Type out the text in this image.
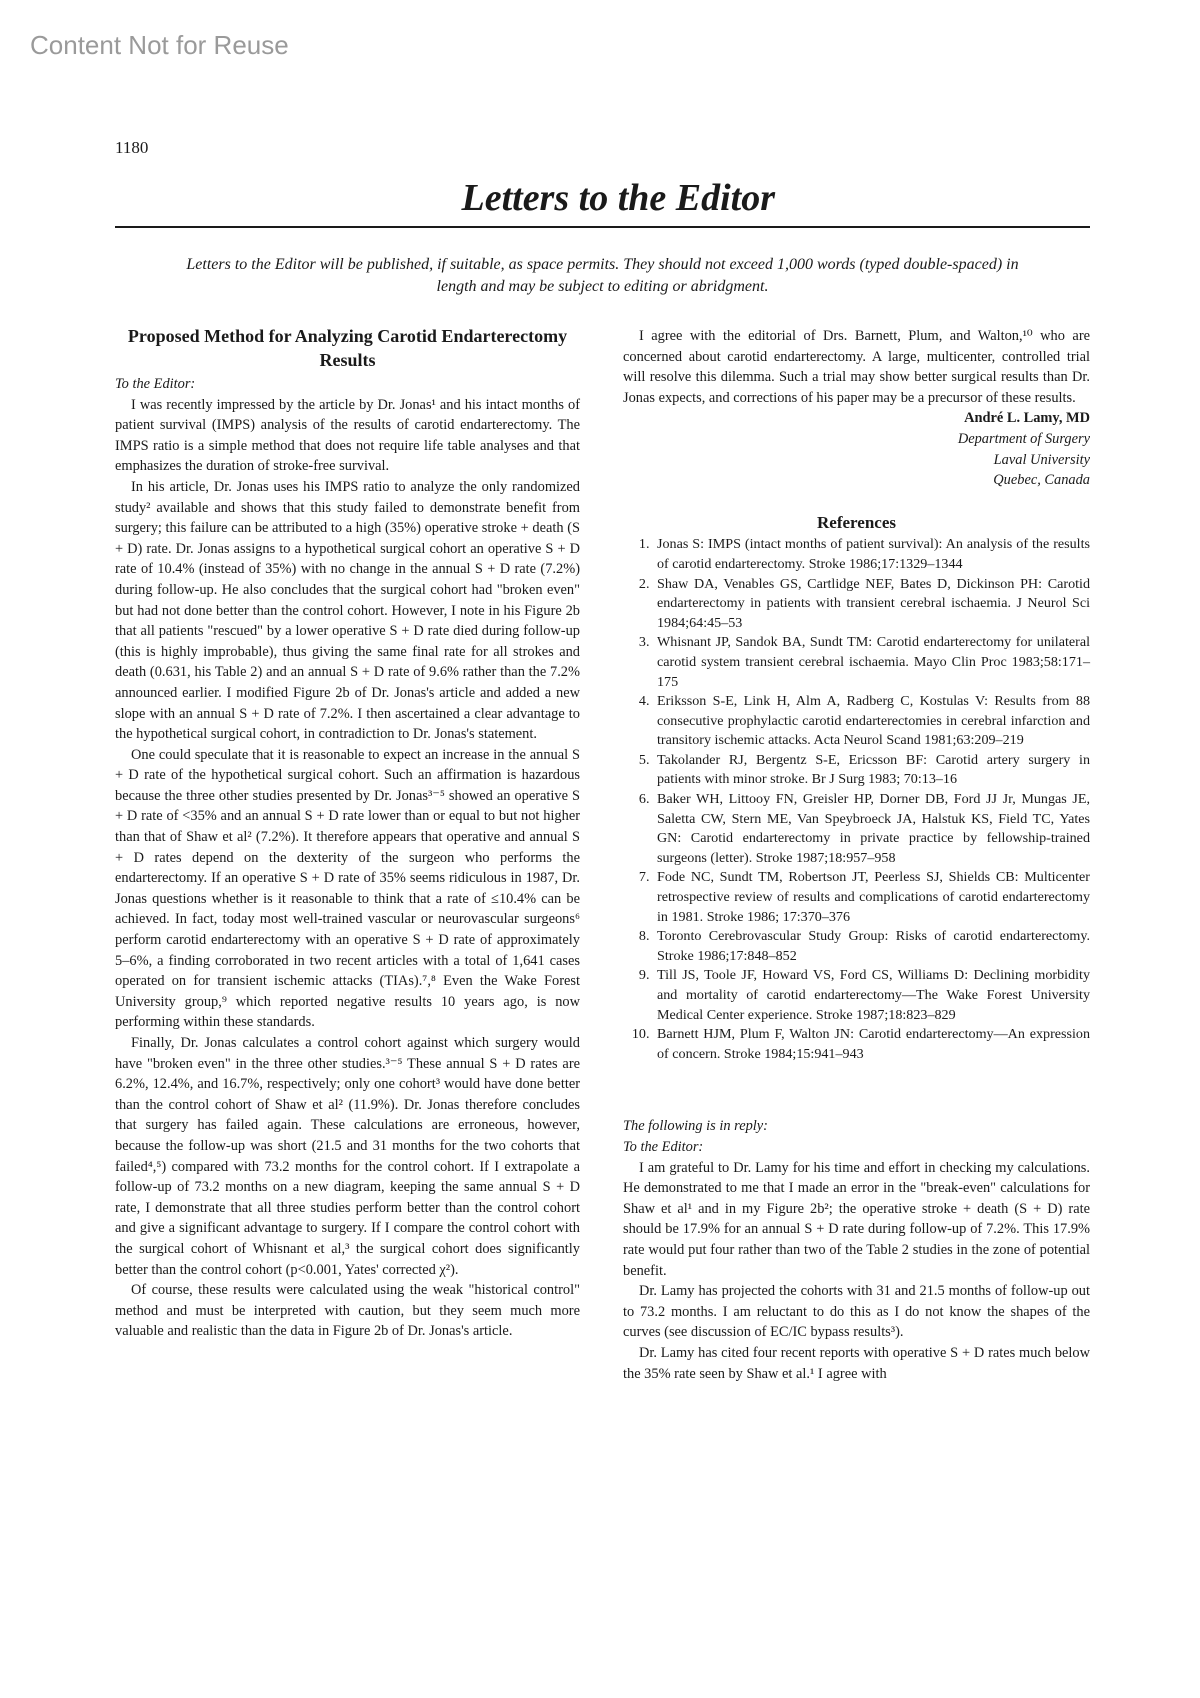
Content Not for Reuse
1180
Letters to the Editor
Letters to the Editor will be published, if suitable, as space permits. They should not exceed 1,000 words (typed double-spaced) in length and may be subject to editing or abridgment.
Proposed Method for Analyzing Carotid Endarterectomy Results

To the Editor:

I was recently impressed by the article by Dr. Jonas¹ and his intact months of patient survival (IMPS) analysis of the results of carotid endarterectomy. The IMPS ratio is a simple method that does not require life table analyses and that emphasizes the duration of stroke-free survival.

In his article, Dr. Jonas uses his IMPS ratio to analyze the only randomized study² available and shows that this study failed to demonstrate benefit from surgery; this failure can be attributed to a high (35%) operative stroke + death (S + D) rate. Dr. Jonas assigns to a hypothetical surgical cohort an operative S + D rate of 10.4% (instead of 35%) with no change in the annual S + D rate (7.2%) during follow-up. He also concludes that the surgical cohort had "broken even" but had not done better than the control cohort. However, I note in his Figure 2b that all patients "rescued" by a lower operative S + D rate died during follow-up (this is highly improbable), thus giving the same final rate for all strokes and death (0.631, his Table 2) and an annual S + D rate of 9.6% rather than the 7.2% announced earlier. I modified Figure 2b of Dr. Jonas's article and added a new slope with an annual S + D rate of 7.2%. I then ascertained a clear advantage to the hypothetical surgical cohort, in contradiction to Dr. Jonas's statement.

One could speculate that it is reasonable to expect an increase in the annual S + D rate of the hypothetical surgical cohort. Such an affirmation is hazardous because the three other studies presented by Dr. Jonas³⁻⁵ showed an operative S + D rate of <35% and an annual S + D rate lower than or equal to but not higher than that of Shaw et al² (7.2%). It therefore appears that operative and annual S + D rates depend on the dexterity of the surgeon who performs the endarterectomy. If an operative S + D rate of 35% seems ridiculous in 1987, Dr. Jonas questions whether is it reasonable to think that a rate of ≤10.4% can be achieved. In fact, today most well-trained vascular or neurovascular surgeons⁶ perform carotid endarterectomy with an operative S + D rate of approximately 5–6%, a finding corroborated in two recent articles with a total of 1,641 cases operated on for transient ischemic attacks (TIAs).⁷,⁸ Even the Wake Forest University group,⁹ which reported negative results 10 years ago, is now performing within these standards.

Finally, Dr. Jonas calculates a control cohort against which surgery would have "broken even" in the three other studies.³⁻⁵ These annual S + D rates are 6.2%, 12.4%, and 16.7%, respectively; only one cohort³ would have done better than the control cohort of Shaw et al² (11.9%). Dr. Jonas therefore concludes that surgery has failed again. These calculations are erroneous, however, because the follow-up was short (21.5 and 31 months for the two cohorts that failed⁴,⁵) compared with 73.2 months for the control cohort. If I extrapolate a follow-up of 73.2 months on a new diagram, keeping the same annual S + D rate, I demonstrate that all three studies perform better than the control cohort and give a significant advantage to surgery. If I compare the control cohort with the surgical cohort of Whisnant et al,³ the surgical cohort does significantly better than the control cohort (p<0.001, Yates' corrected χ²).

Of course, these results were calculated using the weak "historical control" method and must be interpreted with caution, but they seem much more valuable and realistic than the data in Figure 2b of Dr. Jonas's article.

I agree with the editorial of Drs. Barnett, Plum, and Walton,¹⁰ who are concerned about carotid endarterectomy. A large, multicenter, controlled trial will resolve this dilemma. Such a trial may show better surgical results than Dr. Jonas expects, and corrections of his paper may be a precursor of these results.

André L. Lamy, MD
Department of Surgery
Laval University
Quebec, Canada
References
1. Jonas S: IMPS (intact months of patient survival): An analysis of the results of carotid endarterectomy. Stroke 1986;17:1329–1344
2. Shaw DA, Venables GS, Cartlidge NEF, Bates D, Dickinson PH: Carotid endarterectomy in patients with transient cerebral ischaemia. J Neurol Sci 1984;64:45–53
3. Whisnant JP, Sandok BA, Sundt TM: Carotid endarterectomy for unilateral carotid system transient cerebral ischaemia. Mayo Clin Proc 1983;58:171–175
4. Eriksson S-E, Link H, Alm A, Radberg C, Kostulas V: Results from 88 consecutive prophylactic carotid endarterectomies in cerebral infarction and transitory ischemic attacks. Acta Neurol Scand 1981;63:209–219
5. Takolander RJ, Bergentz S-E, Ericsson BF: Carotid artery surgery in patients with minor stroke. Br J Surg 1983; 70:13–16
6. Baker WH, Littooy FN, Greisler HP, Dorner DB, Ford JJ Jr, Mungas JE, Saletta CW, Stern ME, Van Speybroeck JA, Halstuk KS, Field TC, Yates GN: Carotid endarterectomy in private practice by fellowship-trained surgeons (letter). Stroke 1987;18:957–958
7. Fode NC, Sundt TM, Robertson JT, Peerless SJ, Shields CB: Multicenter retrospective review of results and complications of carotid endarterectomy in 1981. Stroke 1986; 17:370–376
8. Toronto Cerebrovascular Study Group: Risks of carotid endarterectomy. Stroke 1986;17:848–852
9. Till JS, Toole JF, Howard VS, Ford CS, Williams D: Declining morbidity and mortality of carotid endarterectomy—The Wake Forest University Medical Center experience. Stroke 1987;18:823–829
10. Barnett HJM, Plum F, Walton JN: Carotid endarterectomy—An expression of concern. Stroke 1984;15:941–943

The following is in reply:

To the Editor:

I am grateful to Dr. Lamy for his time and effort in checking my calculations. He demonstrated to me that I made an error in the "break-even" calculations for Shaw et al¹ and in my Figure 2b²; the operative stroke + death (S + D) rate should be 17.9% for an annual S + D rate during follow-up of 7.2%. This 17.9% rate would put four rather than two of the Table 2 studies in the zone of potential benefit.

Dr. Lamy has projected the cohorts with 31 and 21.5 months of follow-up out to 73.2 months. I am reluctant to do this as I do not know the shapes of the curves (see discussion of EC/IC bypass results³).

Dr. Lamy has cited four recent reports with operative S + D rates much below the 35% rate seen by Shaw et al.¹ I agree with
